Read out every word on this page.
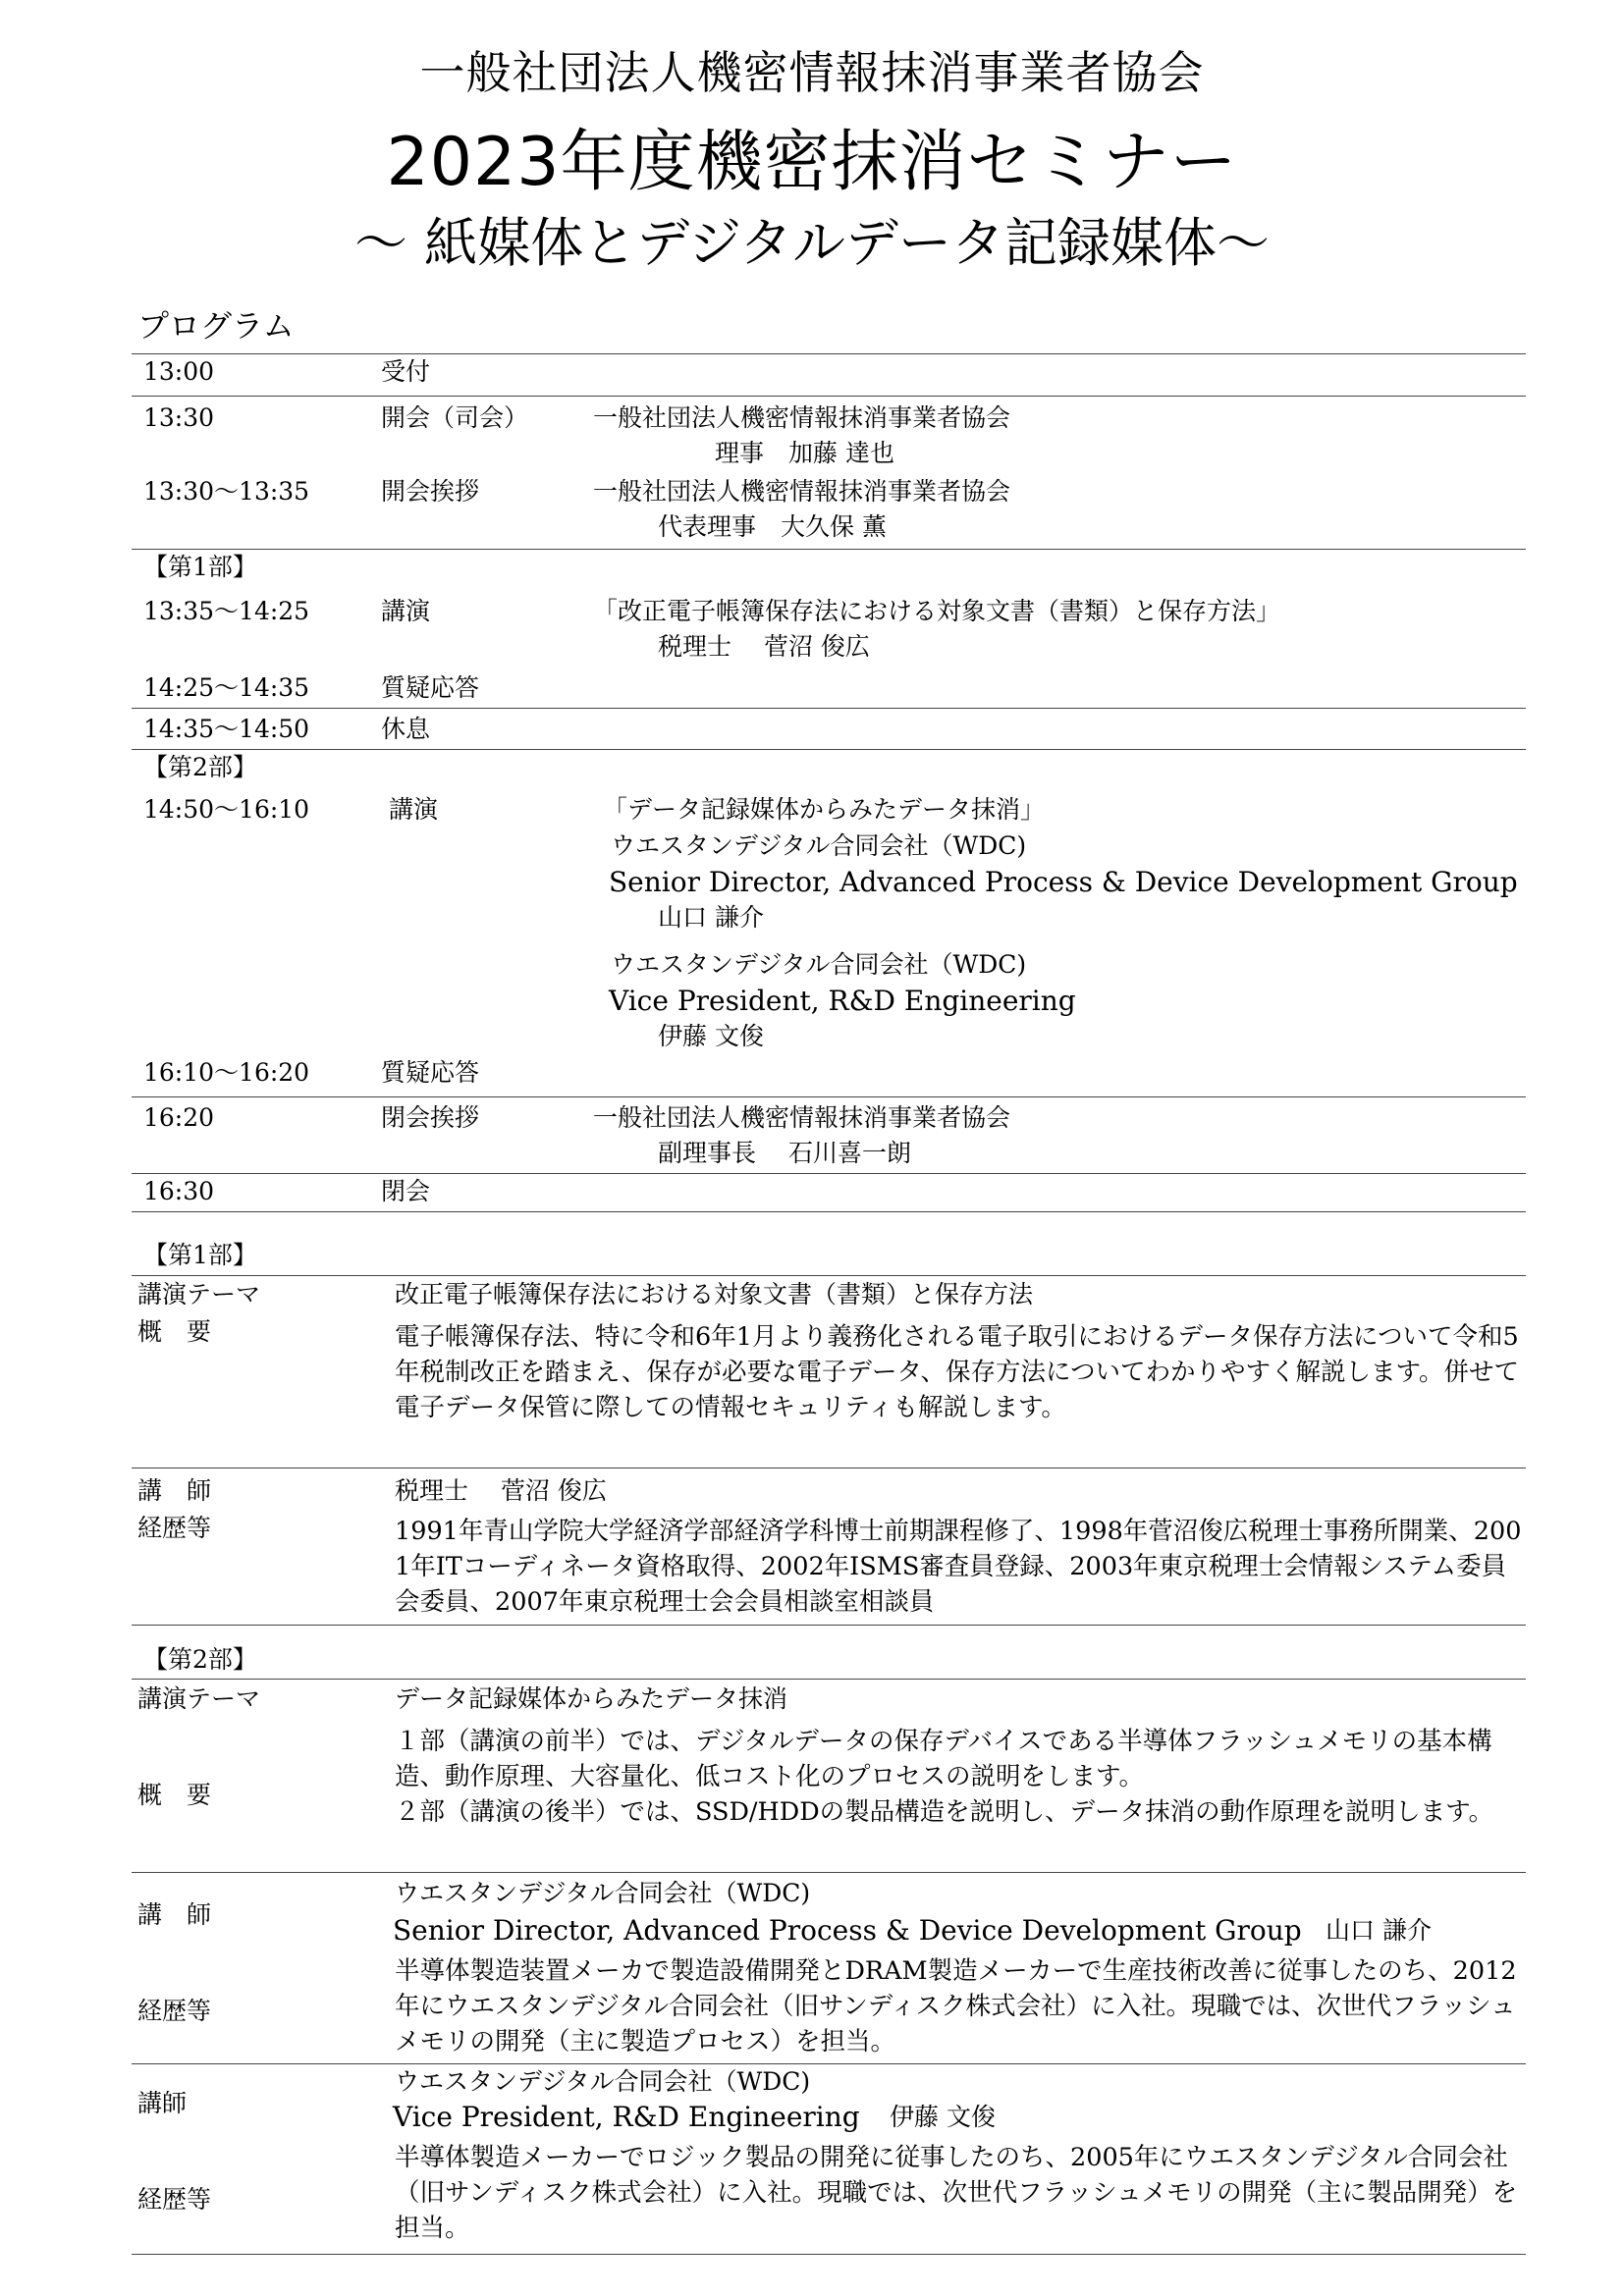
一般社団法人機密情報抹消事業者協会
2023年度機密抹消セミナー
～ 紙媒体とデジタルデータ記録媒体～
プログラム
13:00	受付
13:30	開会（司会）	一般社団法人機密情報抹消事業者協会
理事　加藤 達也
13:30～13:35	開会挨拶	一般社団法人機密情報抹消事業者協会
代表理事　大久保 薫
【第1部】
13:35～14:25	講演	「改正電子帳簿保存法における対象文書（書類）と保存方法」
税理士　 菅沼 俊広
14:25～14:35	質疑応答
14:35～14:50	休息
【第2部】
14:50～16:10	講演	「データ記録媒体からみたデータ抹消」
ウエスタンデジタル合同会社（WDC)
Senior Director, Advanced Process & Device Development Group
山口 謙介
ウエスタンデジタル合同会社（WDC)
Vice President, R&D Engineering
伊藤 文俊
16:10～16:20	質疑応答
16:20	閉会挨拶	一般社団法人機密情報抹消事業者協会
副理事長　 石川喜一朗
16:30	閉会
【第1部】
講演テーマ	改正電子帳簿保存法における対象文書（書類）と保存方法
概　要	電子帳簿保存法、特に令和6年1月より義務化される電子取引におけるデータ保存方法について令和5年税制改正を踏まえ、保存が必要な電子データ、保存方法についてわかりやすく解説します。併せて電子データ保管に際しての情報セキュリティも解説します。
講　師	税理士　 菅沼 俊広
経歴等	1991年青山学院大学経済学部経済学科博士前期課程修了、1998年菅沼俊広税理士事務所開業、2001年ITコーディネータ資格取得、2002年ISMS審査員登録、2003年東京税理士会情報システム委員会委員、2007年東京税理士会会員相談室相談員
【第2部】
講演テーマ	データ記録媒体からみたデータ抹消
概　要
１部（講演の前半）では、デジタルデータの保存デバイスである半導体フラッシュメモリの基本構造、動作原理、大容量化、低コスト化のプロセスの説明をします。
２部（講演の後半）では、SSD/HDDの製品構造を説明し、データ抹消の動作原理を説明します。
講　師
ウエスタンデジタル合同会社（WDC)
Senior Director, Advanced Process & Device Development Group 山口 謙介
経歴等
半導体製造装置メーカで製造設備開発とDRAM製造メーカーで生産技術改善に従事したのち、2012年にウエスタンデジタル合同会社（旧サンディスク株式会社）に入社。現職では、次世代フラッシュメモリの開発（主に製造プロセス）を担当。
講師
ウエスタンデジタル合同会社（WDC)
Vice President, R&D Engineering 伊藤 文俊
経歴等
半導体製造メーカーでロジック製品の開発に従事したのち、2005年にウエスタンデジタル合同会社（旧サンディスク株式会社）に入社。現職では、次世代フラッシュメモリの開発（主に製品開発）を担当。
